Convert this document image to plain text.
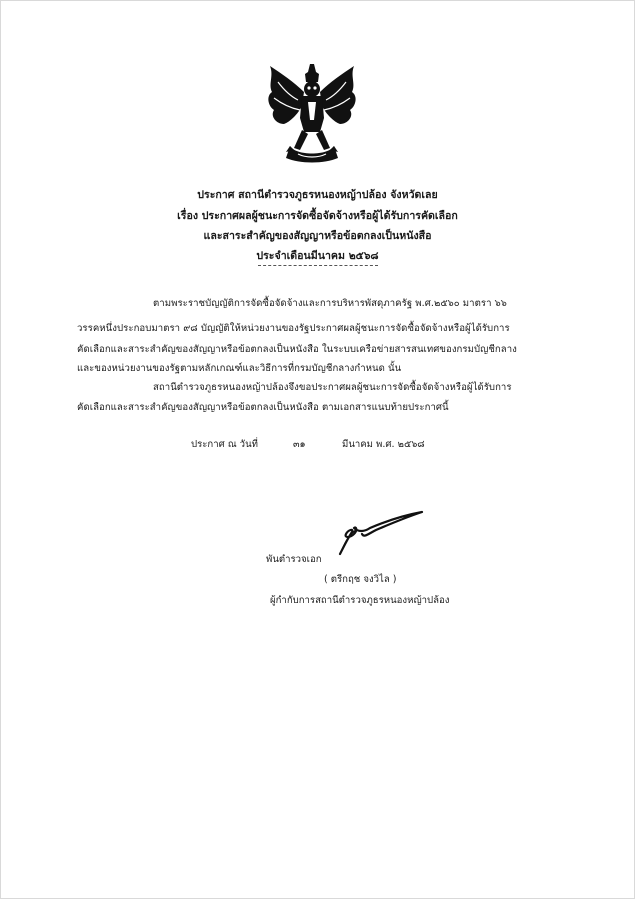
ประกาศ สถานีตำรวจภูธรหนองหญ้าปล้อง จังหวัดเลย
เรื่อง ประกาศผลผู้ชนะการจัดซื้อจัดจ้างหรือผู้ได้รับการคัดเลือก
และสาระสำคัญของสัญญาหรือข้อตกลงเป็นหนังสือ
ประจำเดือนมีนาคม ๒๕๖๘
ตามพระราชบัญญัติการจัดซื้อจัดจ้างและการบริหารพัสดุภาครัฐ พ.ศ.๒๕๖๐ มาตรา ๖๖
วรรคหนึ่งประกอบมาตรา ๙๘ บัญญัติให้หน่วยงานของรัฐประกาศผลผู้ชนะการจัดซื้อจัดจ้างหรือผู้ได้รับการ
คัดเลือกและสาระสำคัญของสัญญาหรือข้อตกลงเป็นหนังสือ ในระบบเครือข่ายสารสนเทศของกรมบัญชีกลาง
และของหน่วยงานของรัฐตามหลักเกณฑ์และวิธีการที่กรมบัญชีกลางกำหนด นั้น
สถานีตำรวจภูธรหนองหญ้าปล้องจึงขอประกาศผลผู้ชนะการจัดซื้อจัดจ้างหรือผู้ได้รับการ
คัดเลือกและสาระสำคัญของสัญญาหรือข้อตกลงเป็นหนังสือ ตามเอกสารแนบท้ายประกาศนี้
ประกาศ ณ วันที่	๓๑	มีนาคม พ.ศ. ๒๕๖๘
พันตำรวจเอก
( ตรีกฤช จงวิไล )
ผู้กำกับการสถานีตำรวจภูธรหนองหญ้าปล้อง
